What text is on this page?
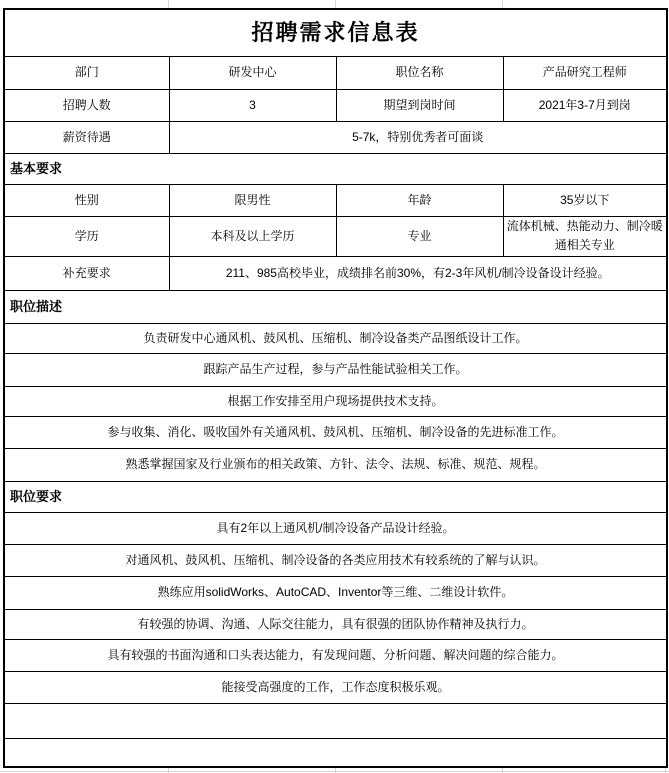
招聘需求信息表			
部门	研发中心	职位名称	产品研究工程师
招聘人数	3	期望到岗时间	2021年3-7月到岗
薪资待遇	5-7k，特别优秀者可面谈		
基本要求			
性别	限男性	年龄	35岁以下
学历	本科及以上学历	专业	流体机械、热能动力、制冷暖通相关专业
补充要求	211、985高校毕业，成绩排名前30%，有2-3年风机/制冷设备设计经验。		
职位描述			
负责研发中心通风机、鼓风机、压缩机、制冷设备类产品图纸设计工作。			
跟踪产品生产过程，参与产品性能试验相关工作。			
根据工作安排至用户现场提供技术支持。			
参与收集、消化、吸收国外有关通风机、鼓风机、压缩机、制冷设备的先进标准工作。			
熟悉掌握国家及行业颁布的相关政策、方针、法令、法规、标准、规范、规程。			
职位要求			
具有2年以上通风机/制冷设备产品设计经验。			
对通风机、鼓风机、压缩机、制冷设备的各类应用技术有较系统的了解与认识。			
熟练应用solidWorks、AutoCAD、Inventor等三维、二维设计软件。			
有较强的协调、沟通、人际交往能力，具有很强的团队协作精神及执行力。			
具有较强的书面沟通和口头表达能力，有发现问题、分析问题、解决问题的综合能力。			
能接受高强度的工作，工作态度积极乐观。			
